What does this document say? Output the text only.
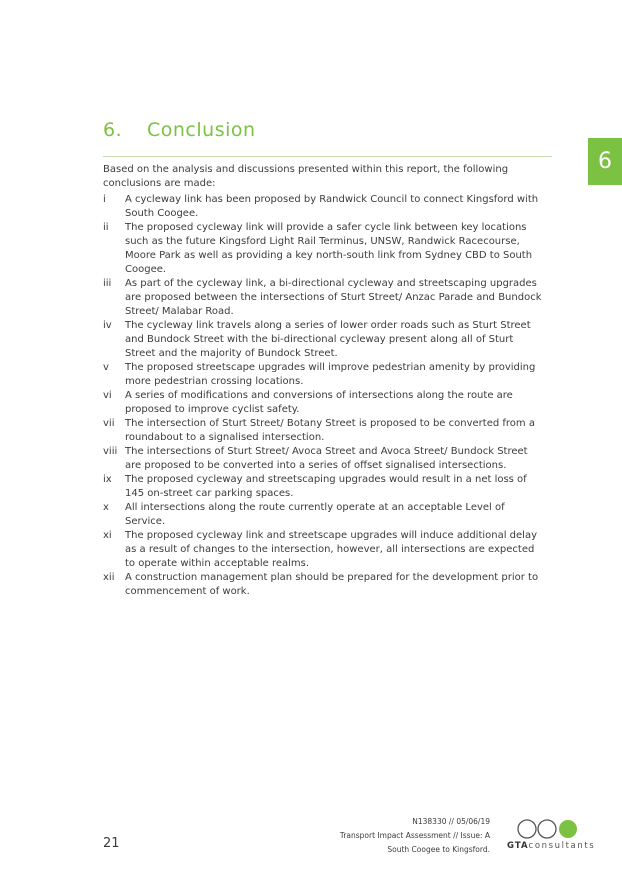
6. Conclusion
6
Based on the analysis and discussions presented within this report, the following conclusions are made:
i	A cycleway link has been proposed by Randwick Council to connect Kingsford with South Coogee.
ii	The proposed cycleway link will provide a safer cycle link between key locations such as the future Kingsford Light Rail Terminus, UNSW, Randwick Racecourse, Moore Park as well as providing a key north-south link from Sydney CBD to South Coogee.
iii	As part of the cycleway link, a bi-directional cycleway and streetscaping upgrades are proposed between the intersections of Sturt Street/ Anzac Parade and Bundock Street/ Malabar Road.
iv	The cycleway link travels along a series of lower order roads such as Sturt Street and Bundock Street with the bi-directional cycleway present along all of Sturt Street and the majority of Bundock Street.
v	The proposed streetscape upgrades will improve pedestrian amenity by providing more pedestrian crossing locations.
vi	A series of modifications and conversions of intersections along the route are proposed to improve cyclist safety.
vii	The intersection of Sturt Street/ Botany Street is proposed to be converted from a roundabout to a signalised intersection.
viii The intersections of Sturt Street/ Avoca Street and Avoca Street/ Bundock Street are proposed to be converted into a series of offset signalised intersections.
ix	The proposed cycleway and streetscaping upgrades would result in a net loss of 145 on-street car parking spaces.
x	All intersections along the route currently operate at an acceptable Level of Service.
xi	The proposed cycleway link and streetscape upgrades will induce additional delay as a result of changes to the intersection, however, all intersections are expected to operate within acceptable realms.
xii	A construction management plan should be prepared for the development prior to commencement of work.
21
N138330 // 05/06/19
Transport Impact Assessment // Issue: A
South Coogee to Kingsford. GTAconsultants
